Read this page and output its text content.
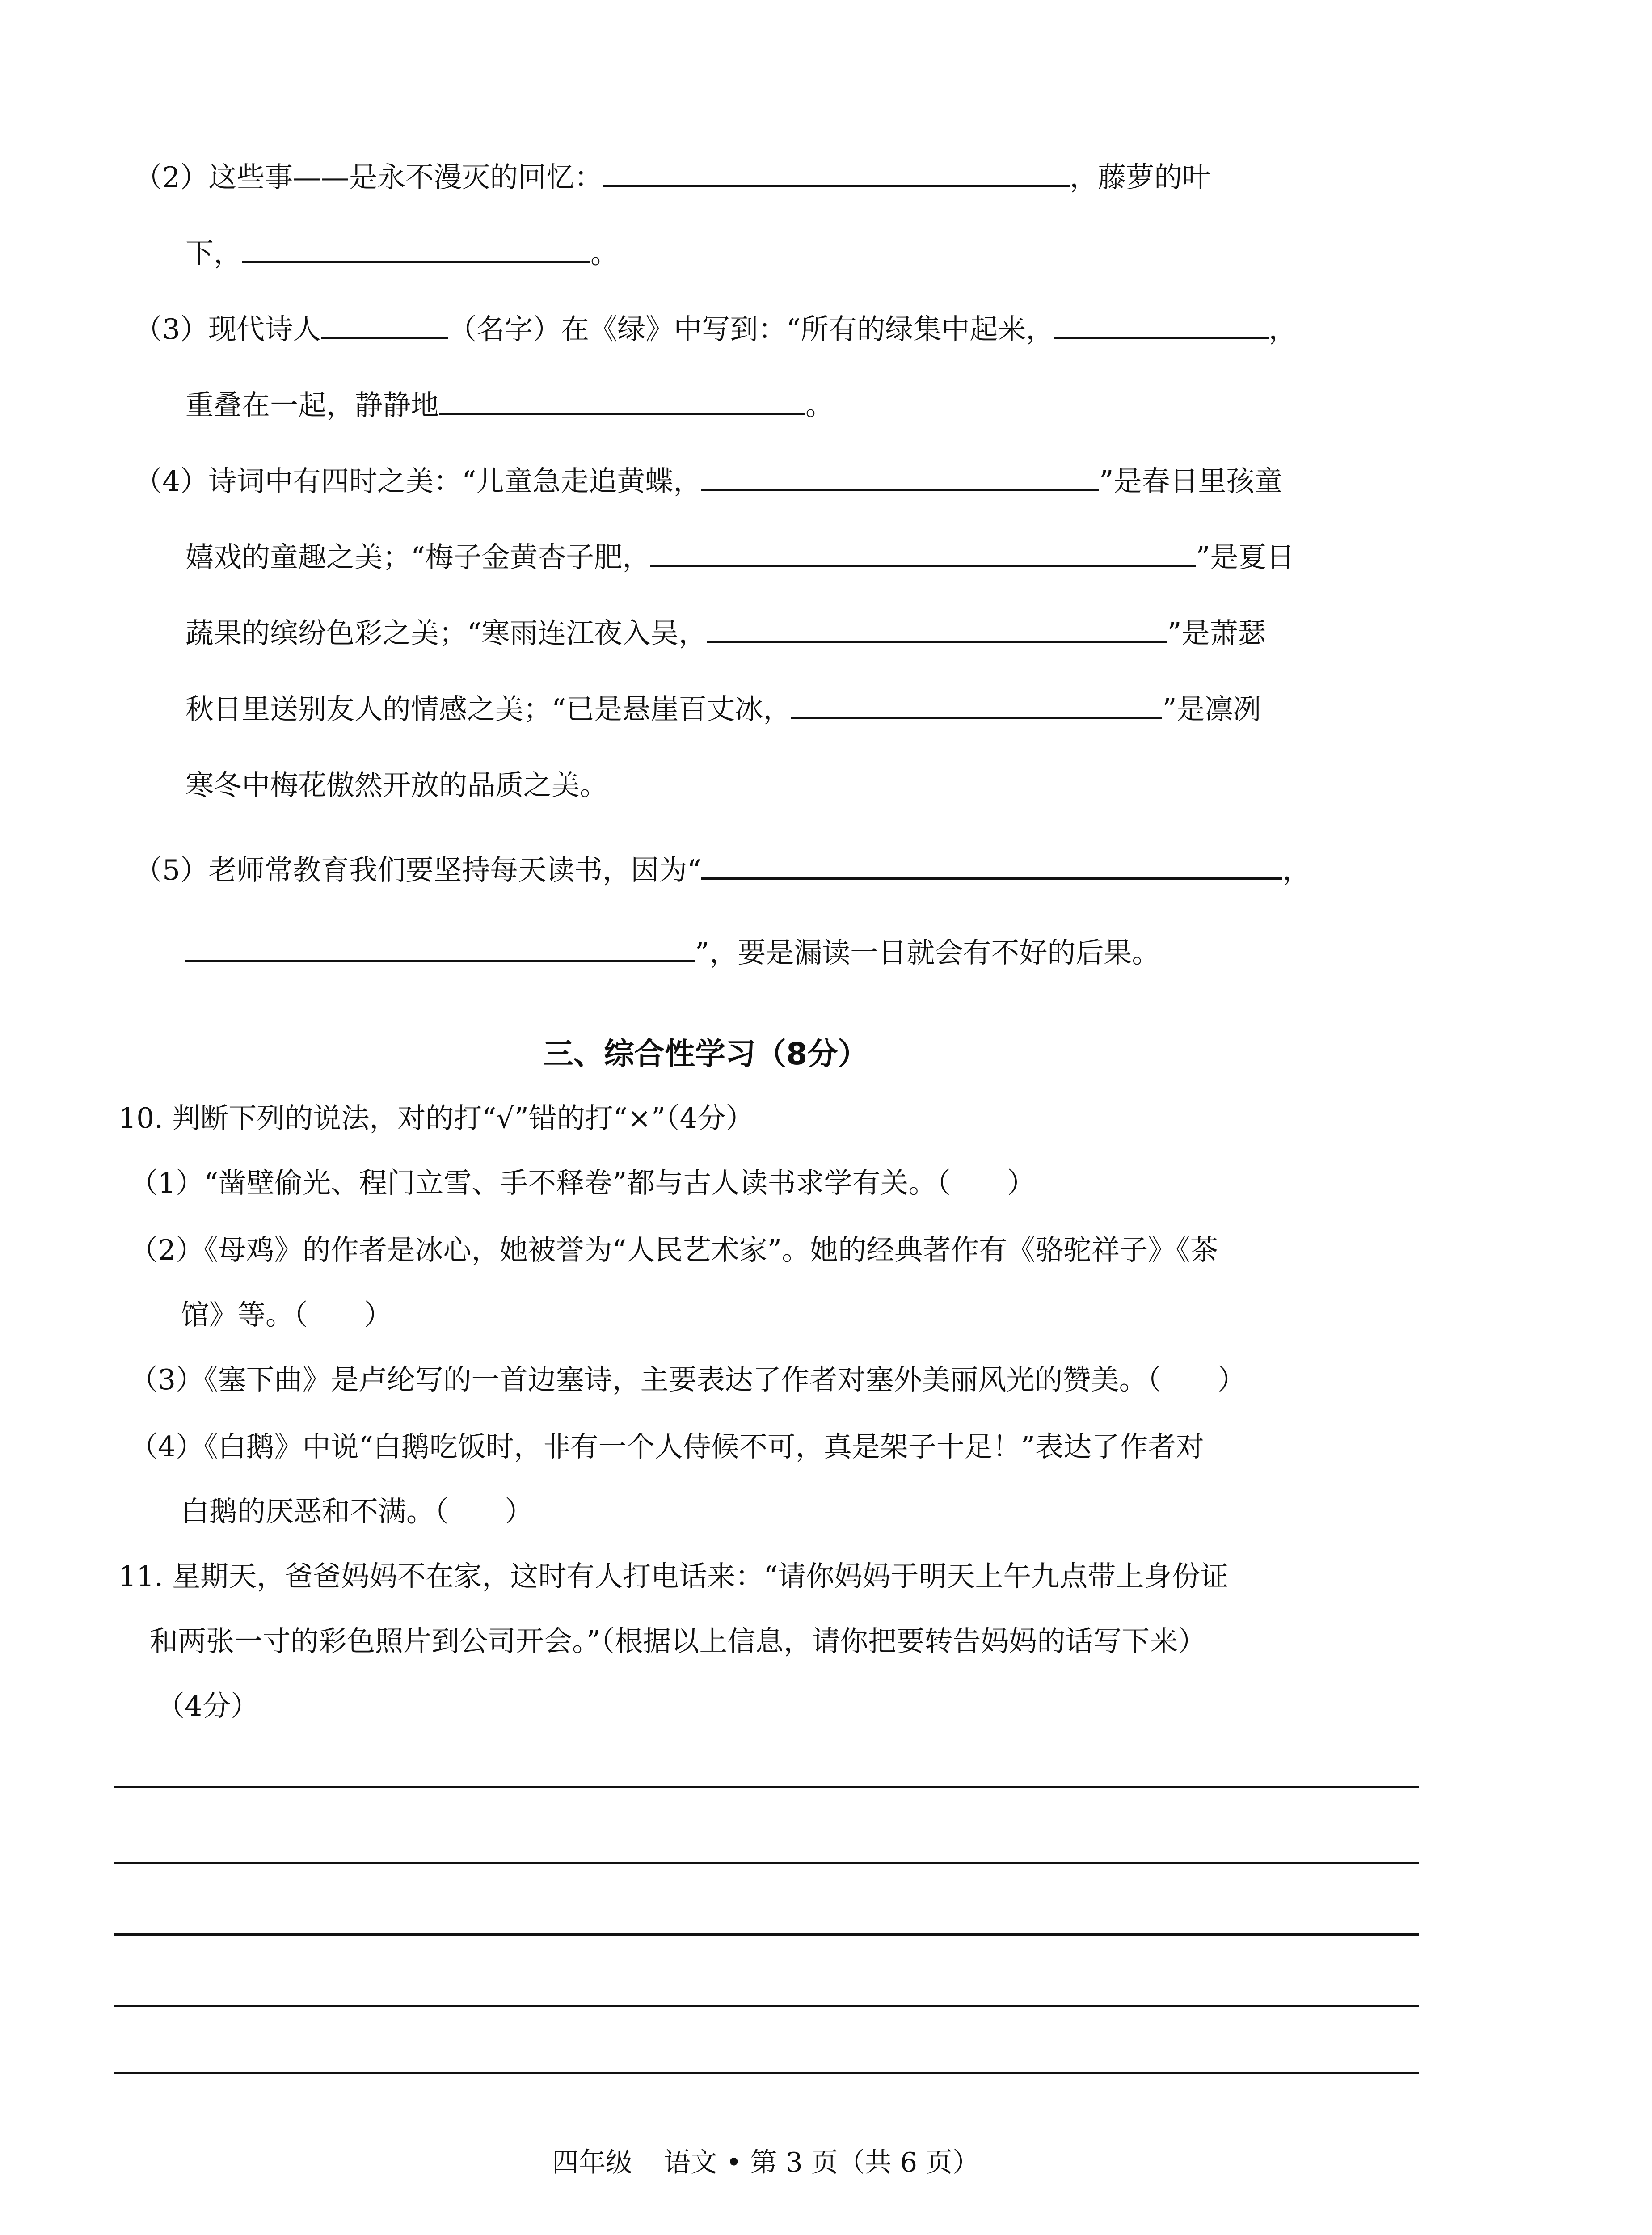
（2）这些事——是永不漫灭的回忆：	，藤萝的叶
下，	。
（3）现代诗人	（名字）在《绿》中写到：“所有的绿集中起来，	，
重叠在一起，静静地	。
（4）诗词中有四时之美：“儿童急走追黄蝶，	”是春日里孩童
嬉戏的童趣之美；“梅子金黄杏子肥，	”是夏日
蔬果的缤纷色彩之美；“寒雨连江夜入吴，	”是萧瑟
秋日里送别友人的情感之美；“已是悬崖百丈冰，	”是凛冽
寒冬中梅花傲然开放的品质之美。
（5）老师常教育我们要坚持每天读书，因为“	，
”，要是漏读一日就会有不好的后果。
三、综合性学习（8分）
10. 判断下列的说法，对的打“√”错的打“×”（4分）
（1）“凿壁偷光、程门立雪、手不释卷”都与古人读书求学有关。（　　）
（2）《母鸡》的作者是冰心，她被誉为“人民艺术家”。她的经典著作有《骆驼祥子》《茶
馆》等。（　　）
（3）《塞下曲》是卢纶写的一首边塞诗，主要表达了作者对塞外美丽风光的赞美。（　　）
（4）《白鹅》中说“白鹅吃饭时，非有一个人侍候不可，真是架子十足！”表达了作者对
白鹅的厌恶和不满。（　　）
11. 星期天，爸爸妈妈不在家，这时有人打电话来：“请你妈妈于明天上午九点带上身份证
和两张一寸的彩色照片到公司开会。”（根据以上信息，请你把要转告妈妈的话写下来）
（4分）
四年级 语文 • 第 3 页（共 6 页）
